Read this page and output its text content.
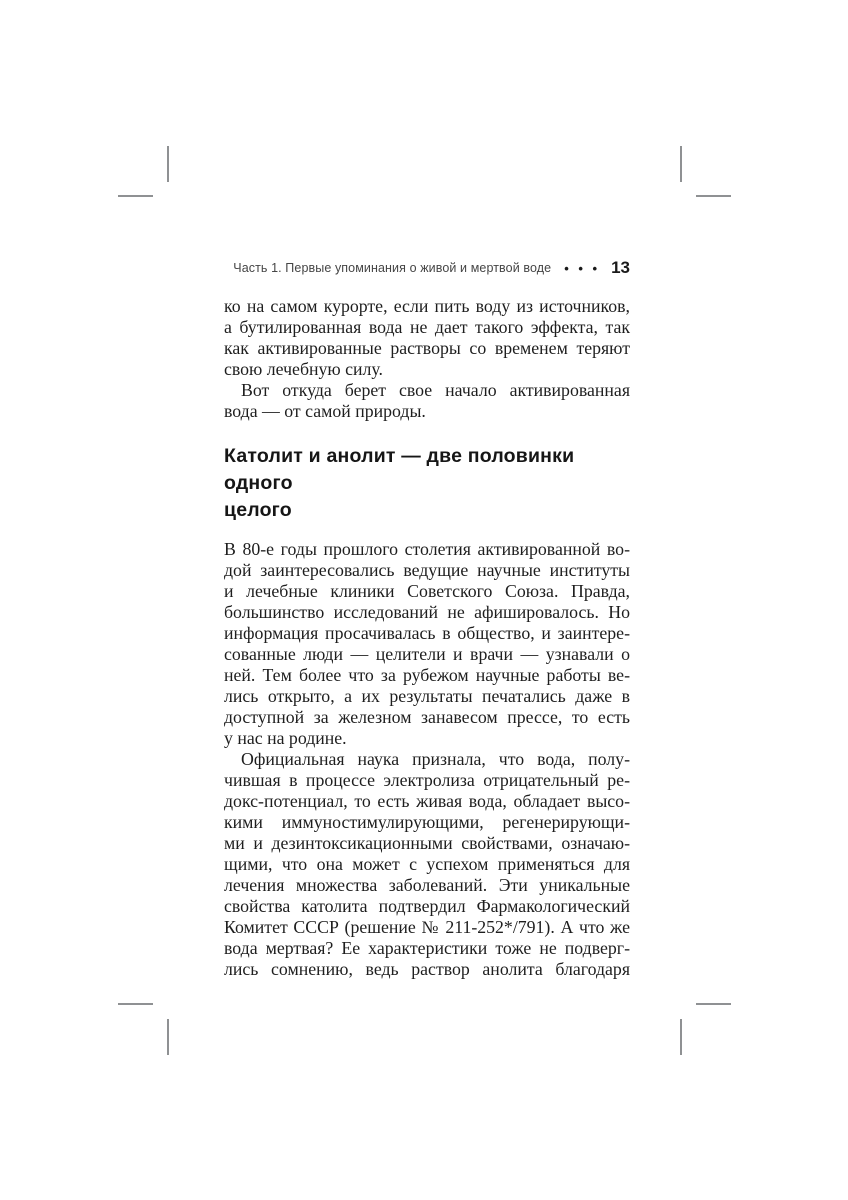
Часть 1. Первые упоминания о живой и мертвой воде • • • 13
ко на самом курорте, если пить воду из источников,
а бутилированная вода не дает такого эффекта, так
как активированные растворы со временем теряют
свою лечебную силу.
Вот откуда берет свое начало активированная
вода — от самой природы.
Католит и анолит — две половинки одного
целого
В 80-е годы прошлого столетия активированной во-
дой заинтересовались ведущие научные институты
и лечебные клиники Советского Союза. Правда,
большинство исследований не афишировалось. Но
информация просачивалась в общество, и заинтере-
сованные люди — целители и врачи — узнавали о
ней. Тем более что за рубежом научные работы ве-
лись открыто, а их результаты печатались даже в
доступной за железном занавесом прессе, то есть
у нас на родине.
Официальная наука признала, что вода, полу-
чившая в процессе электролиза отрицательный ре-
докс-потенциал, то есть живая вода, обладает высо-
кими иммуностимулирующими, регенерирующи-
ми и дезинтоксикационными свойствами, означаю-
щими, что она может с успехом применяться для
лечения множества заболеваний. Эти уникальные
свойства католита подтвердил Фармакологический
Комитет СССР (решение № 211-252*/791). А что же
вода мертвая? Ее характеристики тоже не подверг-
лись сомнению, ведь раствор анолита благодаря
